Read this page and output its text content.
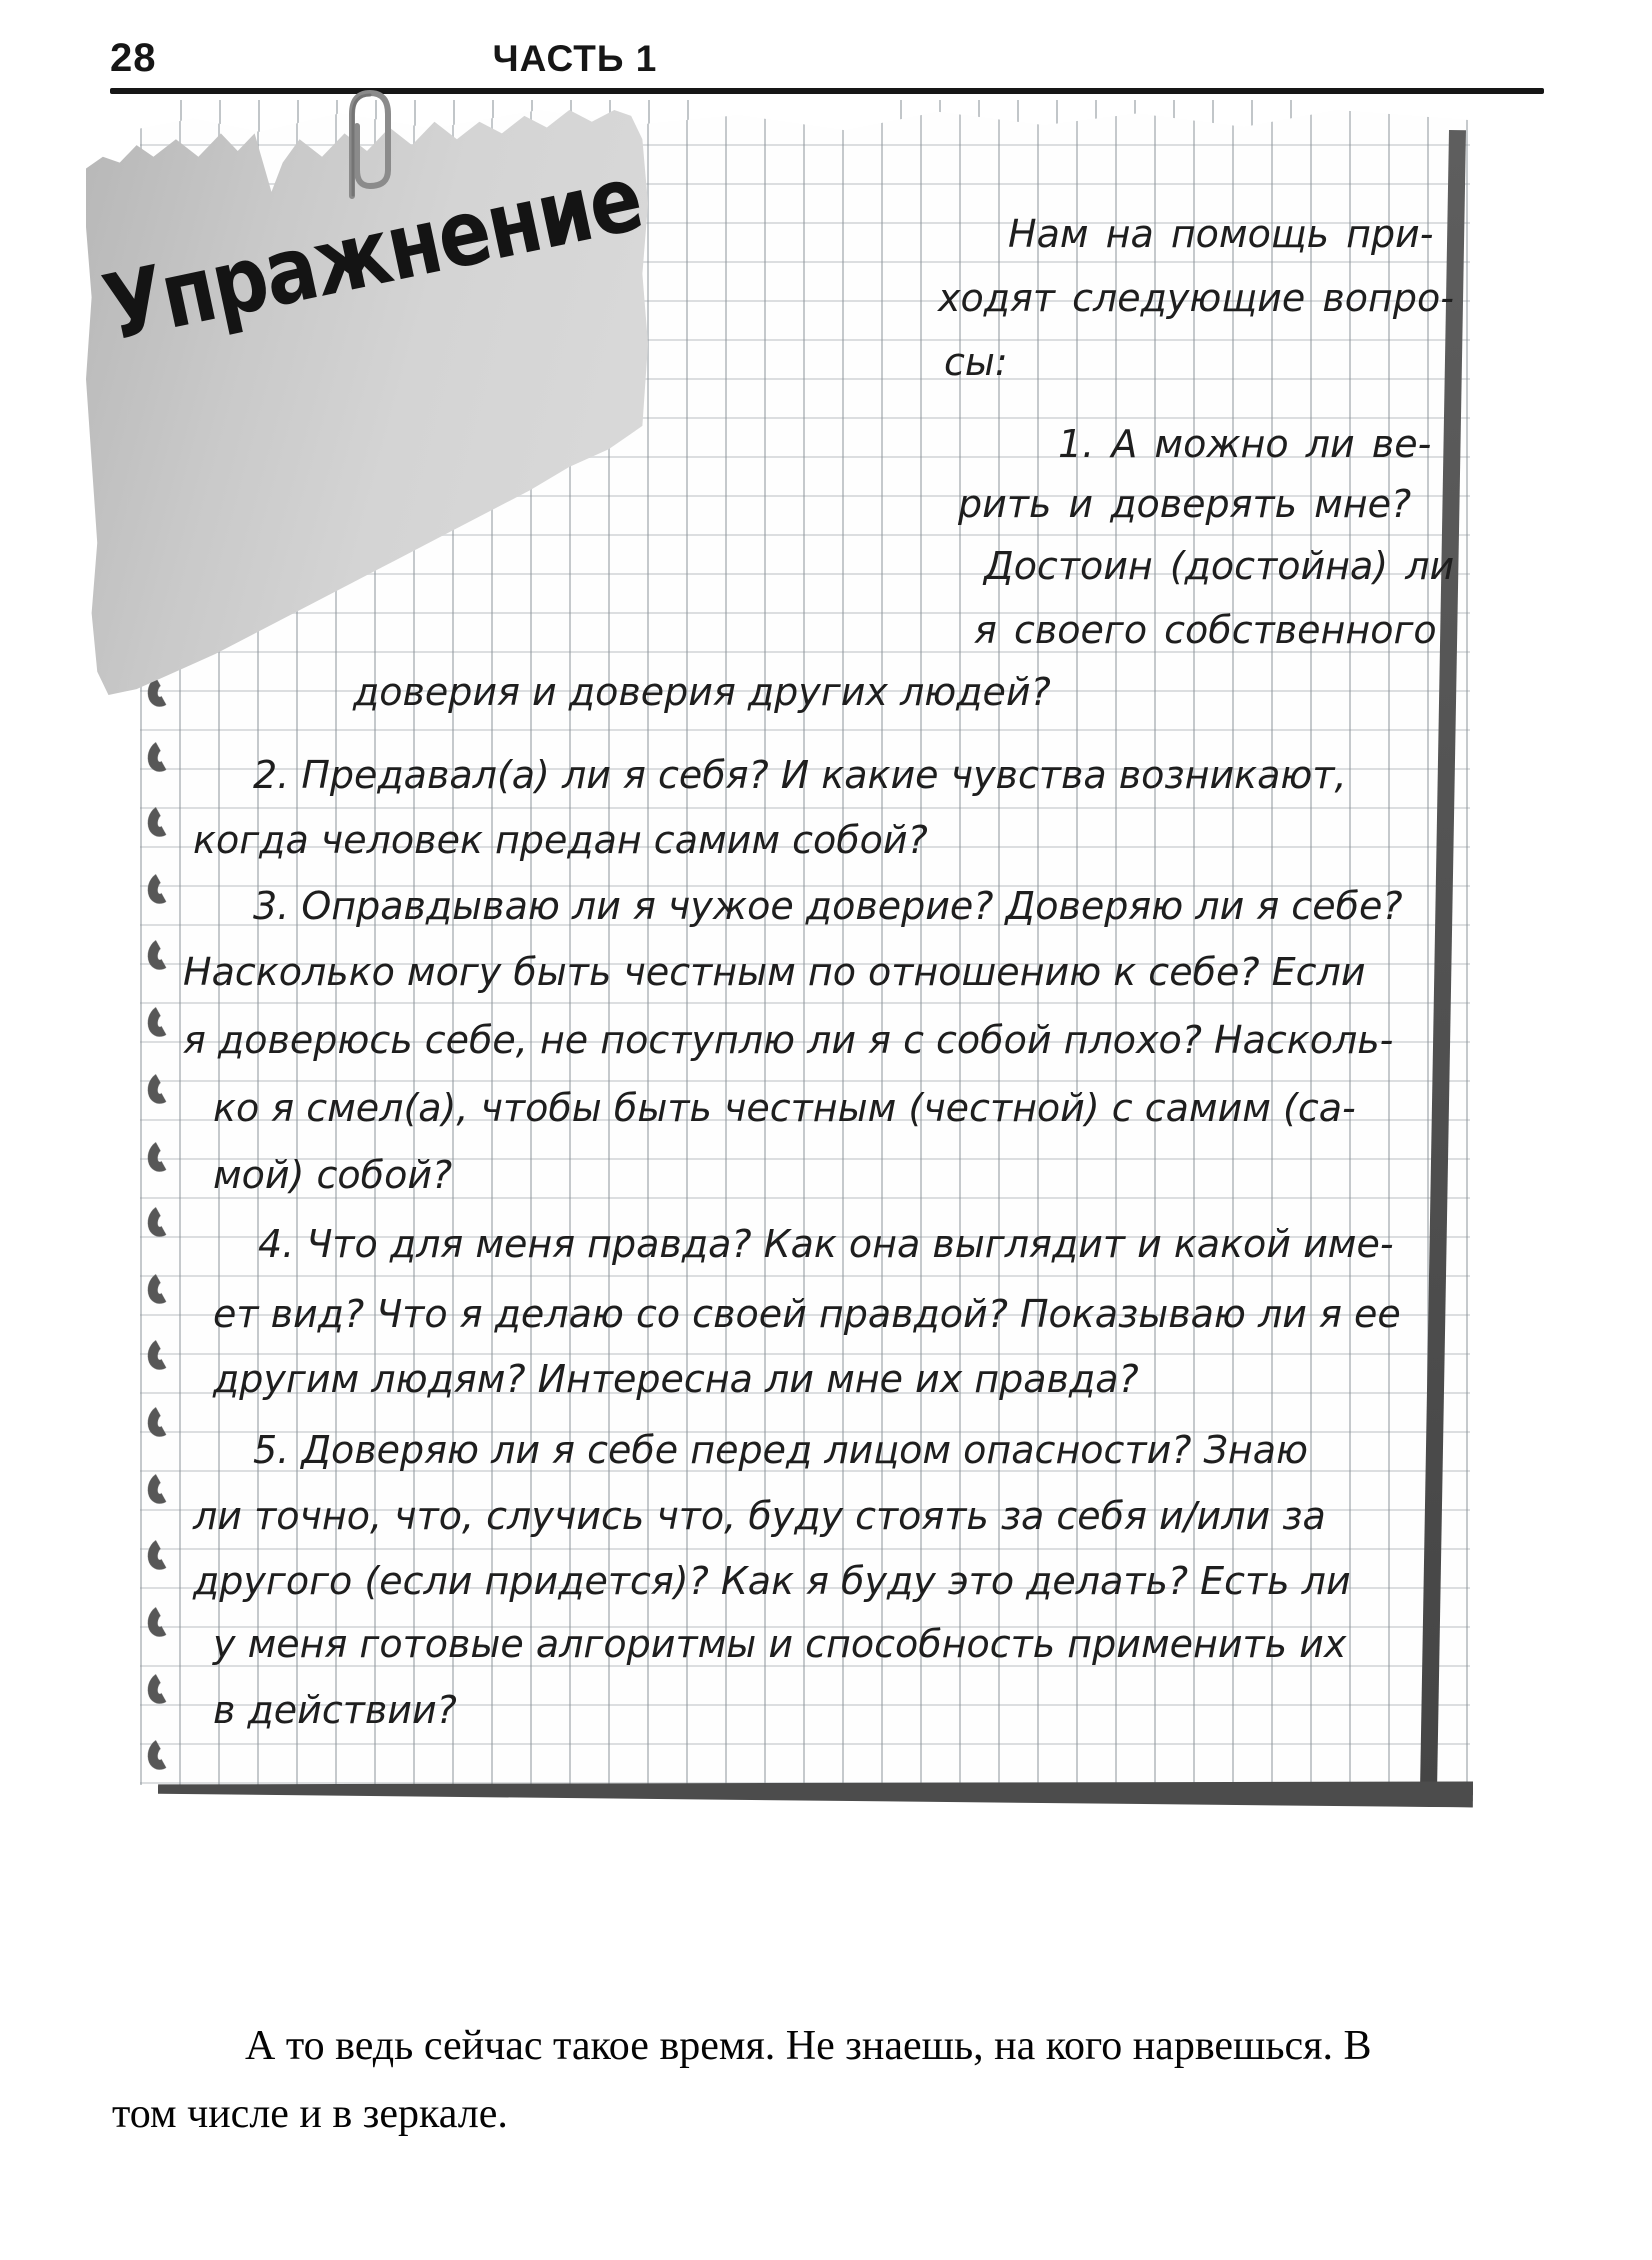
28	ЧАСТЬ 1
Упражнение	Нам на помощь при-
ходят следующие вопро-
сы:
1. А можно ли ве-
рить и доверять мне?
Достоин (достойна) ли
я своего собственного
доверия и доверия других людей?
2. Предавал(а) ли я себя? И какие чувства возникают,
когда человек предан самим собой?
3. Оправдываю ли я чужое доверие? Доверяю ли я себе?
Насколько могу быть честным по отношению к себе? Если
я доверюсь себе, не поступлю ли я с собой плохо? Насколь-
ко я смел(а), чтобы быть честным (честной) с самим (са-
мой) собой?
4. Что для меня правда? Как она выглядит и какой име-
ет вид? Что я делаю со своей правдой? Показываю ли я ее
другим людям? Интересна ли мне их правда?
5. Доверяю ли я себе перед лицом опасности? Знаю
ли точно, что, случись что, буду стоять за себя и/или за
другого (если придется)? Как я буду это делать? Есть ли
у меня готовые алгоритмы и способность применить их
в действии?
А то ведь сейчас такое время. Не знаешь, на кого нарвешься. В
том числе и в зеркале.
